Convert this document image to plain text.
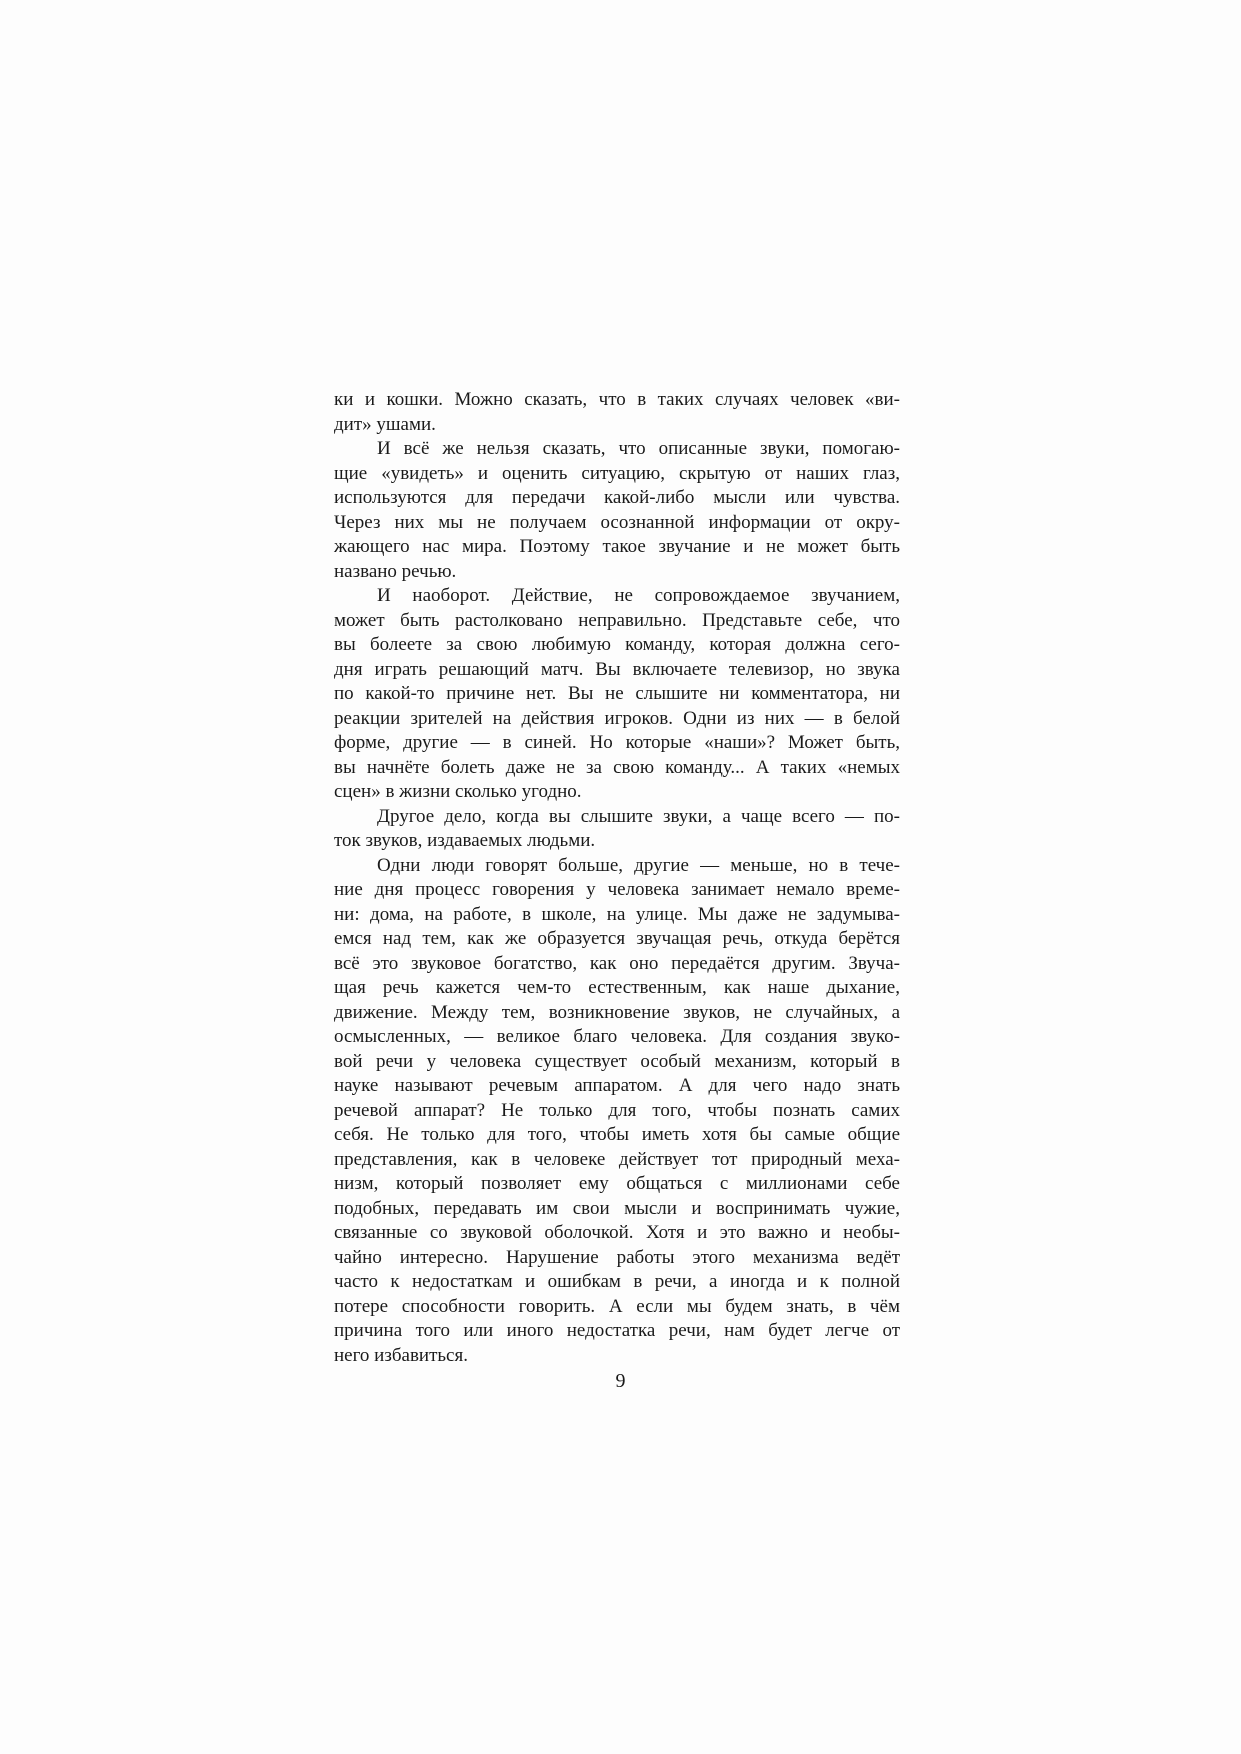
ки и кошки. Можно сказать, что в таких случаях человек «ви-
дит» ушами.
И всё же нельзя сказать, что описанные звуки, помогаю-
щие «увидеть» и оценить ситуацию, скрытую от наших глаз,
используются для передачи какой-либо мысли или чувства.
Через них мы не получаем осознанной информации от окру-
жающего нас мира. Поэтому такое звучание и не может быть
названо речью.
И наоборот. Действие, не сопровождаемое звучанием,
может быть растолковано неправильно. Представьте себе, что
вы болеете за свою любимую команду, которая должна сего-
дня играть решающий матч. Вы включаете телевизор, но звука
по какой-то причине нет. Вы не слышите ни комментатора, ни
реакции зрителей на действия игроков. Одни из них — в белой
форме, другие — в синей. Но которые «наши»? Может быть,
вы начнёте болеть даже не за свою команду... А таких «немых
сцен» в жизни сколько угодно.
Другое дело, когда вы слышите звуки, а чаще всего — по-
ток звуков, издаваемых людьми.
Одни люди говорят больше, другие — меньше, но в тече-
ние дня процесс говорения у человека занимает немало време-
ни: дома, на работе, в школе, на улице. Мы даже не задумыва-
емся над тем, как же образуется звучащая речь, откуда берётся
всё это звуковое богатство, как оно передаётся другим. Звуча-
щая речь кажется чем-то естественным, как наше дыхание,
движение. Между тем, возникновение звуков, не случайных, а
осмысленных, — великое благо человека. Для создания звуко-
вой речи у человека существует особый механизм, который в
науке называют речевым аппаратом. А для чего надо знать
речевой аппарат? Не только для того, чтобы познать самих
себя. Не только для того, чтобы иметь хотя бы самые общие
представления, как в человеке действует тот природный меха-
низм, который позволяет ему общаться с миллионами себе
подобных, передавать им свои мысли и воспринимать чужие,
связанные со звуковой оболочкой. Хотя и это важно и необы-
чайно интересно. Нарушение работы этого механизма ведёт
часто к недостаткам и ошибкам в речи, а иногда и к полной
потере способности говорить. А если мы будем знать, в чём
причина того или иного недостатка речи, нам будет легче от
него избавиться.
9
